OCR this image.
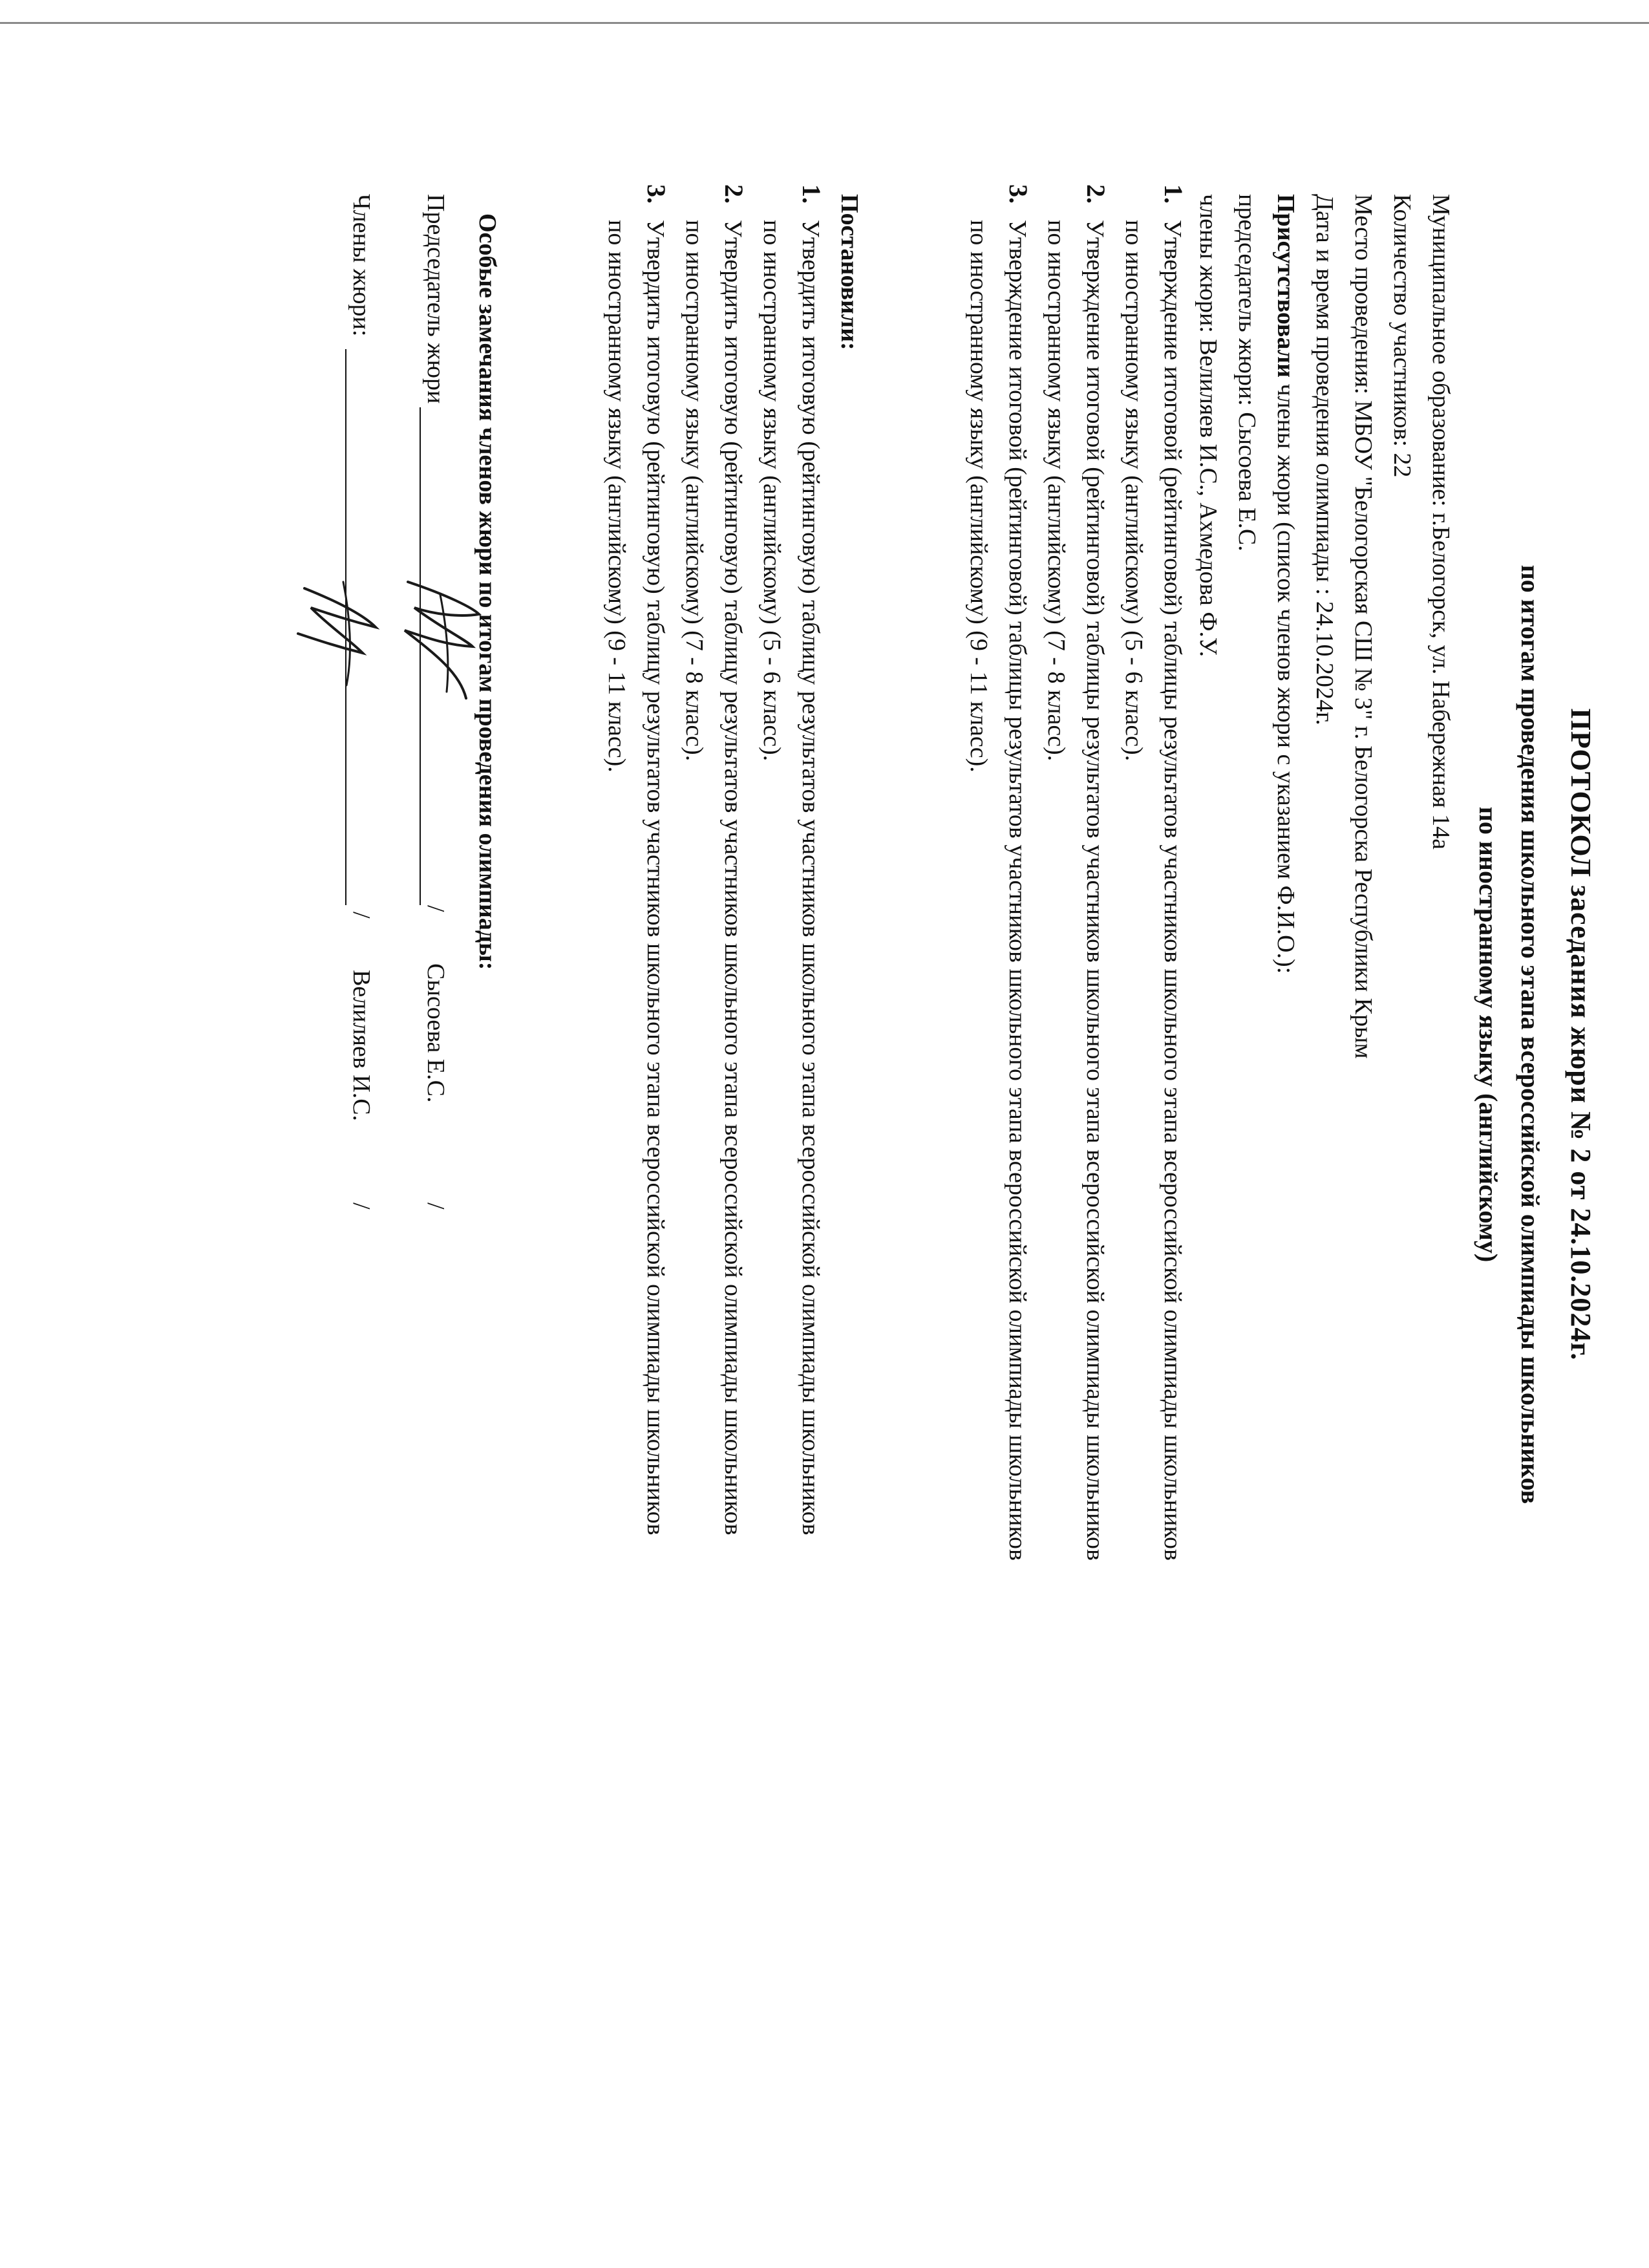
ПРОТОКОЛ заседания жюри № 2 от 24.10.2024г.
по итогам проведения школьного этапа всероссийской олимпиады школьников
по иностранному языку (английскому)
Муниципальное образование: г.Белогорск, ул. Набережная 14а
Количество участников: 22
Место проведения: МБОУ "Белогорская СШ № 3" г. Белогорска Республики Крым
Дата и время проведения олимпиады : 24.10.2024г.
Присутствовали члены жюри (список членов жюри с указанием Ф.И.О.):
председатель жюри: Сысоева Е.С.
члены жюри: Велиляев И.С., Ахмедова Ф.У.
1.
Утверждение итоговой (рейтинговой) таблицы результатов участников школьного этапа всероссийской олимпиады школьников
по иностранному языку (английскому) (5 - 6 класс).
2.
Утверждение итоговой (рейтинговой) таблицы результатов участников школьного этапа всероссийской олимпиады школьников
по иностранному языку (английскому) (7 - 8 класс).
3.
Утверждение итоговой (рейтинговой) таблицы результатов участников школьного этапа всероссийской олимпиады школьников
по иностранному языку (английскому) (9 - 11 класс).
Постановили:
1.
Утвердить итоговую (рейтинговую) таблицу результатов участников школьного этапа всероссийской олимпиады школьников
по иностранному языку (английскому) (5 - 6 класс).
2.
Утвердить итоговую (рейтинговую) таблицу результатов участников школьного этапа всероссийской олимпиады школьников
по иностранному языку (английскому) (7 - 8 класс).
3.
Утвердить итоговую (рейтинговую) таблицу результатов участников школьного этапа всероссийской олимпиады школьников
по иностранному языку (английскому) (9 - 11 класс).
Особые замечания членов жюри по итогам проведения олимпиады:
Председатель жюри
/
Сысоева Е.С.
/
Члены жюри:
/
Велиляев И.С.
/
